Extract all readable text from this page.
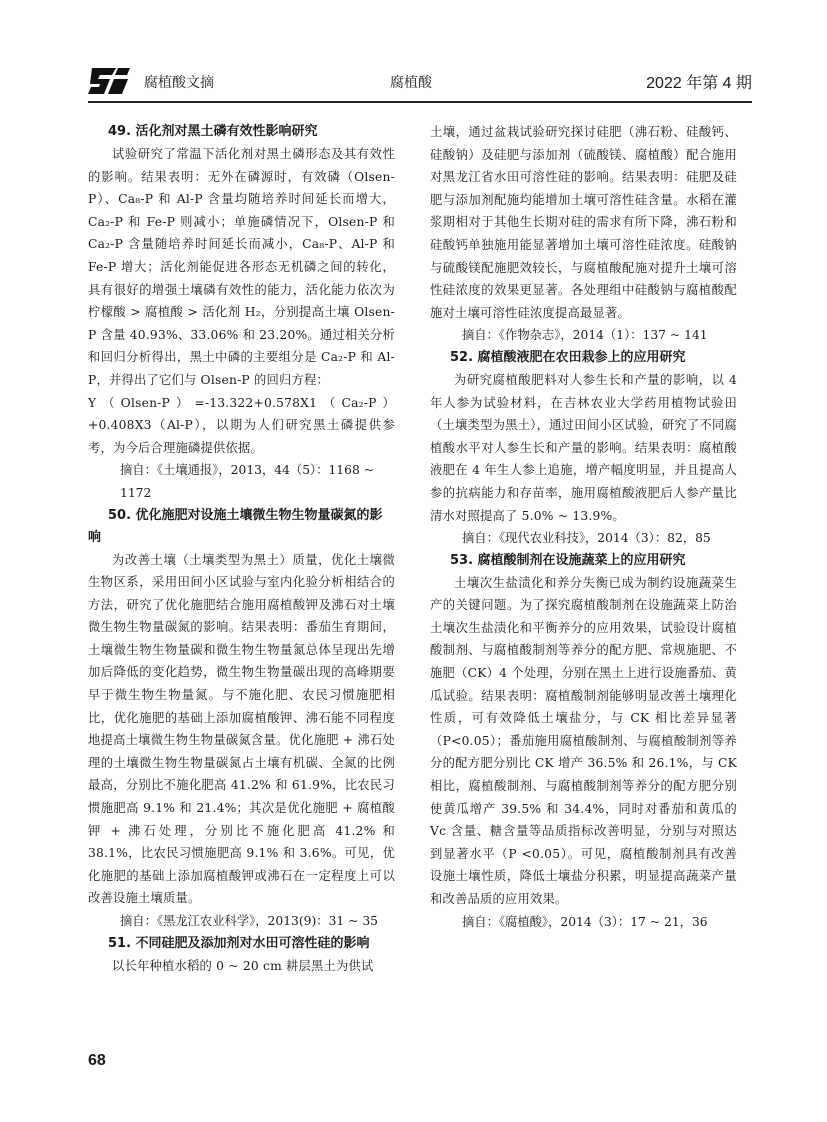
腐植酸文摘	腐植酸	2022 年第 4 期

49. 活化剂对黑土磷有效性影响研究

试验研究了常温下活化剂对黑土磷形态及其有效性的影响。结果表明：无外在磷源时，有效磷（Olsen-P）、Ca₈-P 和 Al-P 含量均随培养时间延长而增大，Ca₂-P 和 Fe-P 则减小；单施磷情况下，Olsen-P 和 Ca₂-P 含量随培养时间延长而减小，Ca₈-P、Al-P 和 Fe-P 增大；活化剂能促进各形态无机磷之间的转化，具有很好的增强土壤磷有效性的能力，活化能力依次为柠檬酸 > 腐植酸 > 活化剂 H₂，分别提高土壤 Olsen-P 含量 40.93%、33.06% 和 23.20%。通过相关分析和回归分析得出，黑土中磷的主要组分是 Ca₂-P 和 Al-P，并得出了它们与 Olsen-P 的回归方程：

Y（Olsen-P）=-13.322+0.578X1（Ca₂-P）+0.408X3（Al-P），以期为人们研究黑土磷提供参考，为今后合理施磷提供依据。

摘自：《土壤通报》，2013，44（5）：1168 ~ 1172

50. 优化施肥对设施土壤微生物生物量碳氮的影响

为改善土壤（土壤类型为黑土）质量，优化土壤微生物区系，采用田间小区试验与室内化验分析相结合的方法，研究了优化施肥结合施用腐植酸钾及沸石对土壤微生物生物量碳氮的影响。结果表明：番茄生育期间，土壤微生物生物量碳和微生物生物量氮总体呈现出先增加后降低的变化趋势，微生物生物量碳出现的高峰期要早于微生物生物量氮。与不施化肥、农民习惯施肥相比，优化施肥的基础上添加腐植酸钾、沸石能不同程度地提高土壤微生物生物量碳氮含量。优化施肥 + 沸石处理的土壤微生物生物量碳氮占土壤有机碳、全氮的比例最高，分别比不施化肥高 41.2% 和 61.9%，比农民习惯施肥高 9.1% 和 21.4%；其次是优化施肥 + 腐植酸钾 + 沸石处理，分别比不施化肥高 41.2% 和 38.1%，比农民习惯施肥高 9.1% 和 3.6%。可见，优化施肥的基础上添加腐植酸钾或沸石在一定程度上可以改善设施土壤质量。

摘自：《黑龙江农业科学》，2013(9)：31 ~ 35

51. 不同硅肥及添加剂对水田可溶性硅的影响

以长年种植水稻的 0 ~ 20 cm 耕层黑土为供试

土壤，通过盆栽试验研究探讨硅肥（沸石粉、硅酸钙、硅酸钠）及硅肥与添加剂（硫酸镁、腐植酸）配合施用对黑龙江省水田可溶性硅的影响。结果表明：硅肥及硅肥与添加剂配施均能增加土壤可溶性硅含量。水稻在灌浆期相对于其他生长期对硅的需求有所下降，沸石粉和硅酸钙单独施用能显著增加土壤可溶性硅浓度。硅酸钠与硫酸镁配施肥效较长，与腐植酸配施对提升土壤可溶性硅浓度的效果更显著。各处理组中硅酸钠与腐植酸配施对土壤可溶性硅浓度提高最显著。

摘自：《作物杂志》，2014（1）：137 ~ 141

52. 腐植酸液肥在农田栽参上的应用研究

为研究腐植酸肥料对人参生长和产量的影响，以 4 年人参为试验材料，在吉林农业大学药用植物试验田（土壤类型为黑土），通过田间小区试验，研究了不同腐植酸水平对人参生长和产量的影响。结果表明：腐植酸液肥在 4 年生人参上追施，增产幅度明显，并且提高人参的抗病能力和存苗率，施用腐植酸液肥后人参产量比清水对照提高了 5.0% ~ 13.9%。

摘自：《现代农业科技》，2014（3）：82，85

53. 腐植酸制剂在设施蔬菜上的应用研究

土壤次生盐渍化和养分失衡已成为制约设施蔬菜生产的关键问题。为了探究腐植酸制剂在设施蔬菜上防治土壤次生盐渍化和平衡养分的应用效果，试验设计腐植酸制剂、与腐植酸制剂等养分的配方肥、常规施肥、不施肥（CK）4 个处理，分别在黑土上进行设施番茄、黄瓜试验。结果表明：腐植酸制剂能够明显改善土壤理化性质，可有效降低土壤盐分，与 CK 相比差异显著（P<0.05）；番茄施用腐植酸制剂、与腐植酸制剂等养分的配方肥分别比 CK 增产 36.5% 和 26.1%，与 CK 相比，腐植酸制剂、与腐植酸制剂等养分的配方肥分别使黄瓜增产 39.5% 和 34.4%，同时对番茄和黄瓜的 Vc 含量、糖含量等品质指标改善明显，分别与对照达到显著水平（P <0.05）。可见，腐植酸制剂具有改善设施土壤性质，降低土壤盐分积累，明显提高蔬菜产量和改善品质的应用效果。

摘自：《腐植酸》，2014（3）：17 ~ 21，36

68
